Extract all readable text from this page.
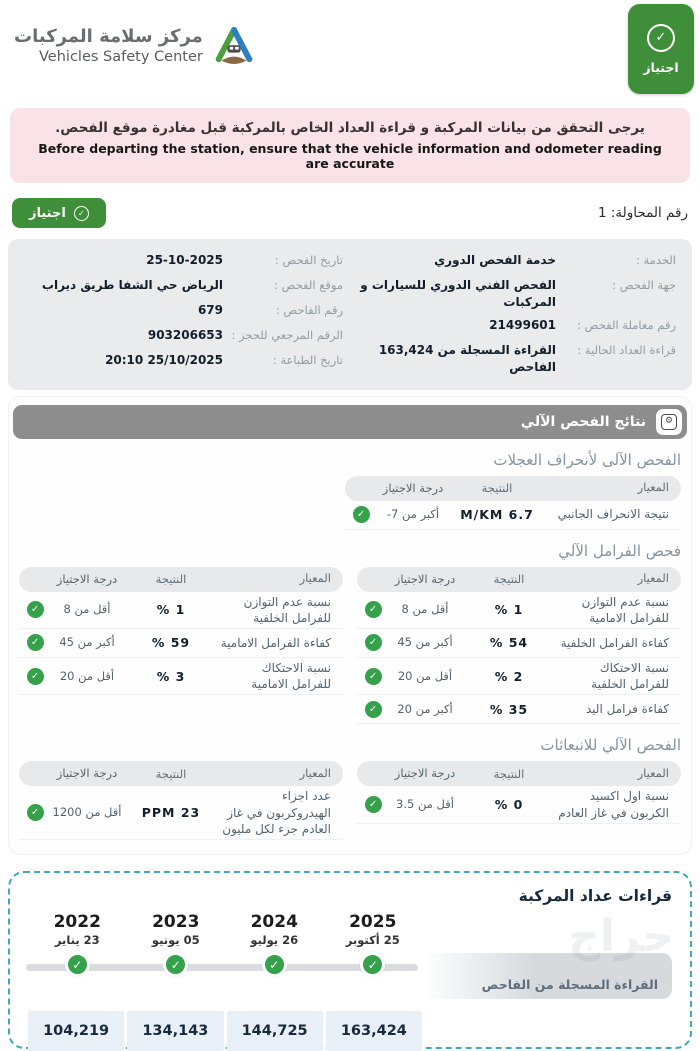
مركز سلامة المركبات
Vehicles Safety Center
✓
اجتياز
يرجى التحقق من بيانات المركبة و قراءة العداد الخاص بالمركبة قبل مغادرة موقع الفحص.
Before departing the station, ensure that the vehicle information and odometer reading are accurate
رقم المحاولة: 1
✓
اجتياز
الخدمة :
خدمة الفحص الدوري
جهة الفحص :
الفحص الفني الدوري للسيارات و المركبات
رقم معاملة الفحص :
21499601
قراءة العداد الحالية :
163,424 القراءة المسجلة من الفاحص
تاريخ الفحص :
25-10-2025
موقع الفحص :
الرياض حي الشفا طريق ديراب
رقم الفاحص :
679
الرقم المرجعي للحجز :
903206653
تاريخ الطباعة :
20:10 25/10/2025
⚙
نتائج الفحص الآلي
الفحص الآلى لأنحراف العجلات
المعيار
النتيجة
درجة الاجتياز
نتيجة الانحراف الجانبي
M/KM 6.7
أكبر من ‎-7
✓
فحص الفرامل الآلي
المعيار
النتيجة
درجة الاجتياز
نسبة عدم التوازن للفرامل الامامية
% 1
أقل من 8
✓
كفاءة الفرامل الخلفية
% 54
أكبر من 45
✓
نسبة الاحتكاك للفرامل الخلفية
% 2
أقل من 20
✓
كفاءة فرامل اليد
% 35
أكبر من 20
✓
المعيار
النتيجة
درجة الاجتياز
نسبة عدم التوازن للفرامل الخلفية
% 1
أقل من 8
✓
كفاءة الفرامل الامامية
% 59
أكبر من 45
✓
نسبة الاحتكاك للفرامل الامامية
% 3
أقل من 20
✓
الفحص الآلي للانبعاثات
المعيار
النتيجة
درجة الاجتياز
نسبة اول اكسيد الكربون في غاز العادم
% 0
أقل من 3.5
✓
المعيار
النتيجة
درجة الاجتياز
عدد اجزاء الهيدروكربون في غاز العادم جزء لكل مليون
PPM 23
أقل من 1200
✓
قراءات عداد المركبة
القراءة المسجلة من الفاحص
2025
25 أكتوبر
✓
2024
26 يوليو
✓
2023
05 يونيو
✓
2022
23 يناير
✓
163,424
144,725
134,143
104,219
